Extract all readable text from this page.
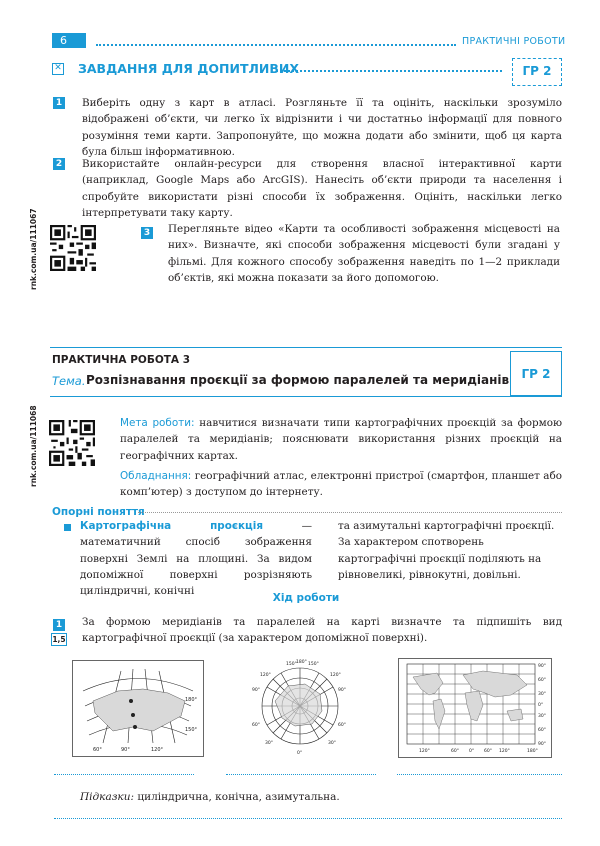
6	ПРАКТИЧНІ РОБОТИ
✕ ЗАВДАННЯ ДЛЯ ДОПИТЛИВИХ	ГР 2
1 Виберіть одну з карт в атласі. Розгляньте її та оцініть, наскільки зрозуміло відображені об’єкти, чи легко їх відрізнити і чи достатньо інформації для повного розуміння теми карти. Запропонуйте, що можна додати або змінити, щоб ця карта була більш інформативною.
2 Використайте онлайн-ресурси для створення власної інтерактивної карти (наприклад, Google Maps або ArcGIS). Нанесіть об’єкти природи та населення і спробуйте використати різні способи їх зображення. Оцініть, наскільки легко інтерпретувати таку карту.
rnk.com.ua/111067	3 Перегляньте відео «Карти та особливості зображення місцевості на них». Визначте, які способи зображення місцевості були згадані у фільмі. Для кожного способу зображення наведіть по 1—2 приклади об’єктів, які можна показати за його допомогою.
ПРАКТИЧНА РОБОТА 3
Тема. Розпізнавання проєкції за формою паралелей та меридіанів	ГР 2
rnk.com.ua/111068	Мета роботи: навчитися визначати типи картографічних проєкцій за формою паралелей та меридіанів; пояснювати використання різних проєкцій на географічних картах.
Обладнання: географічний атлас, електронні пристрої (смартфон, планшет або комп’ютер) з доступом до інтернету.
Опорні поняття
Картографічна проєкція	— математичний спосіб зображення поверхні Землі на площині. За видом допоміжної поверхні розрізняють циліндричні, конічні
та азимутальні картографічні проєкції. За характером спотворень картографічні проєкції поділяють на рівновеликі, рівнокутні, довільні.
Хід роботи
1
1,5
За формою меридіанів та паралелей на карті визначте та підпишіть вид картографічної проєкції (за характером допоміжної поверхні).
60°	90°	120°
150°
180°
150° 180° 150°
120°
90°
60°
30°
0°
30°
60°
90°
120°
120°	60° 0° 60° 120°	180°
90°
60°
30°
0°
30°
60°
90°
Підказки: циліндрична, конічна, азимутальна.
